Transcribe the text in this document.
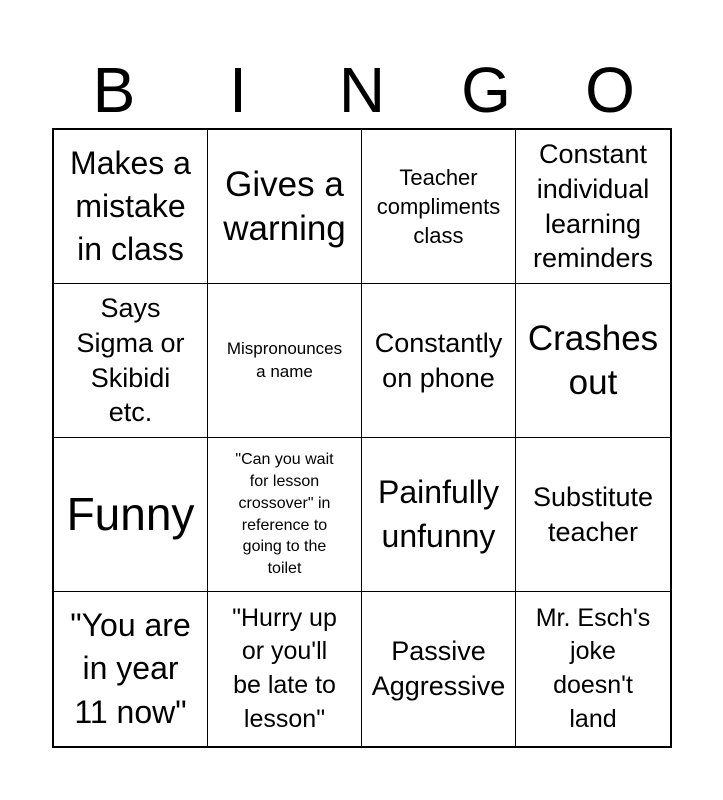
B	I	N	G	O
Makes a
mistake
in class
Gives a
warning
Teacher
compliments
class
Constant
individual
learning
reminders
Says
Sigma or
Skibidi
etc.
Mispronounces
a name
Constantly
on phone
Crashes
out
Funny
"Can you wait
for lesson
crossover" in
reference to
going to the
toilet
Painfully
unfunny
Substitute
teacher
"You are
in year
11 now"
"Hurry up
or you'll
be late to
lesson"
Passive
Aggressive
Mr. Esch's
joke
doesn't
land
